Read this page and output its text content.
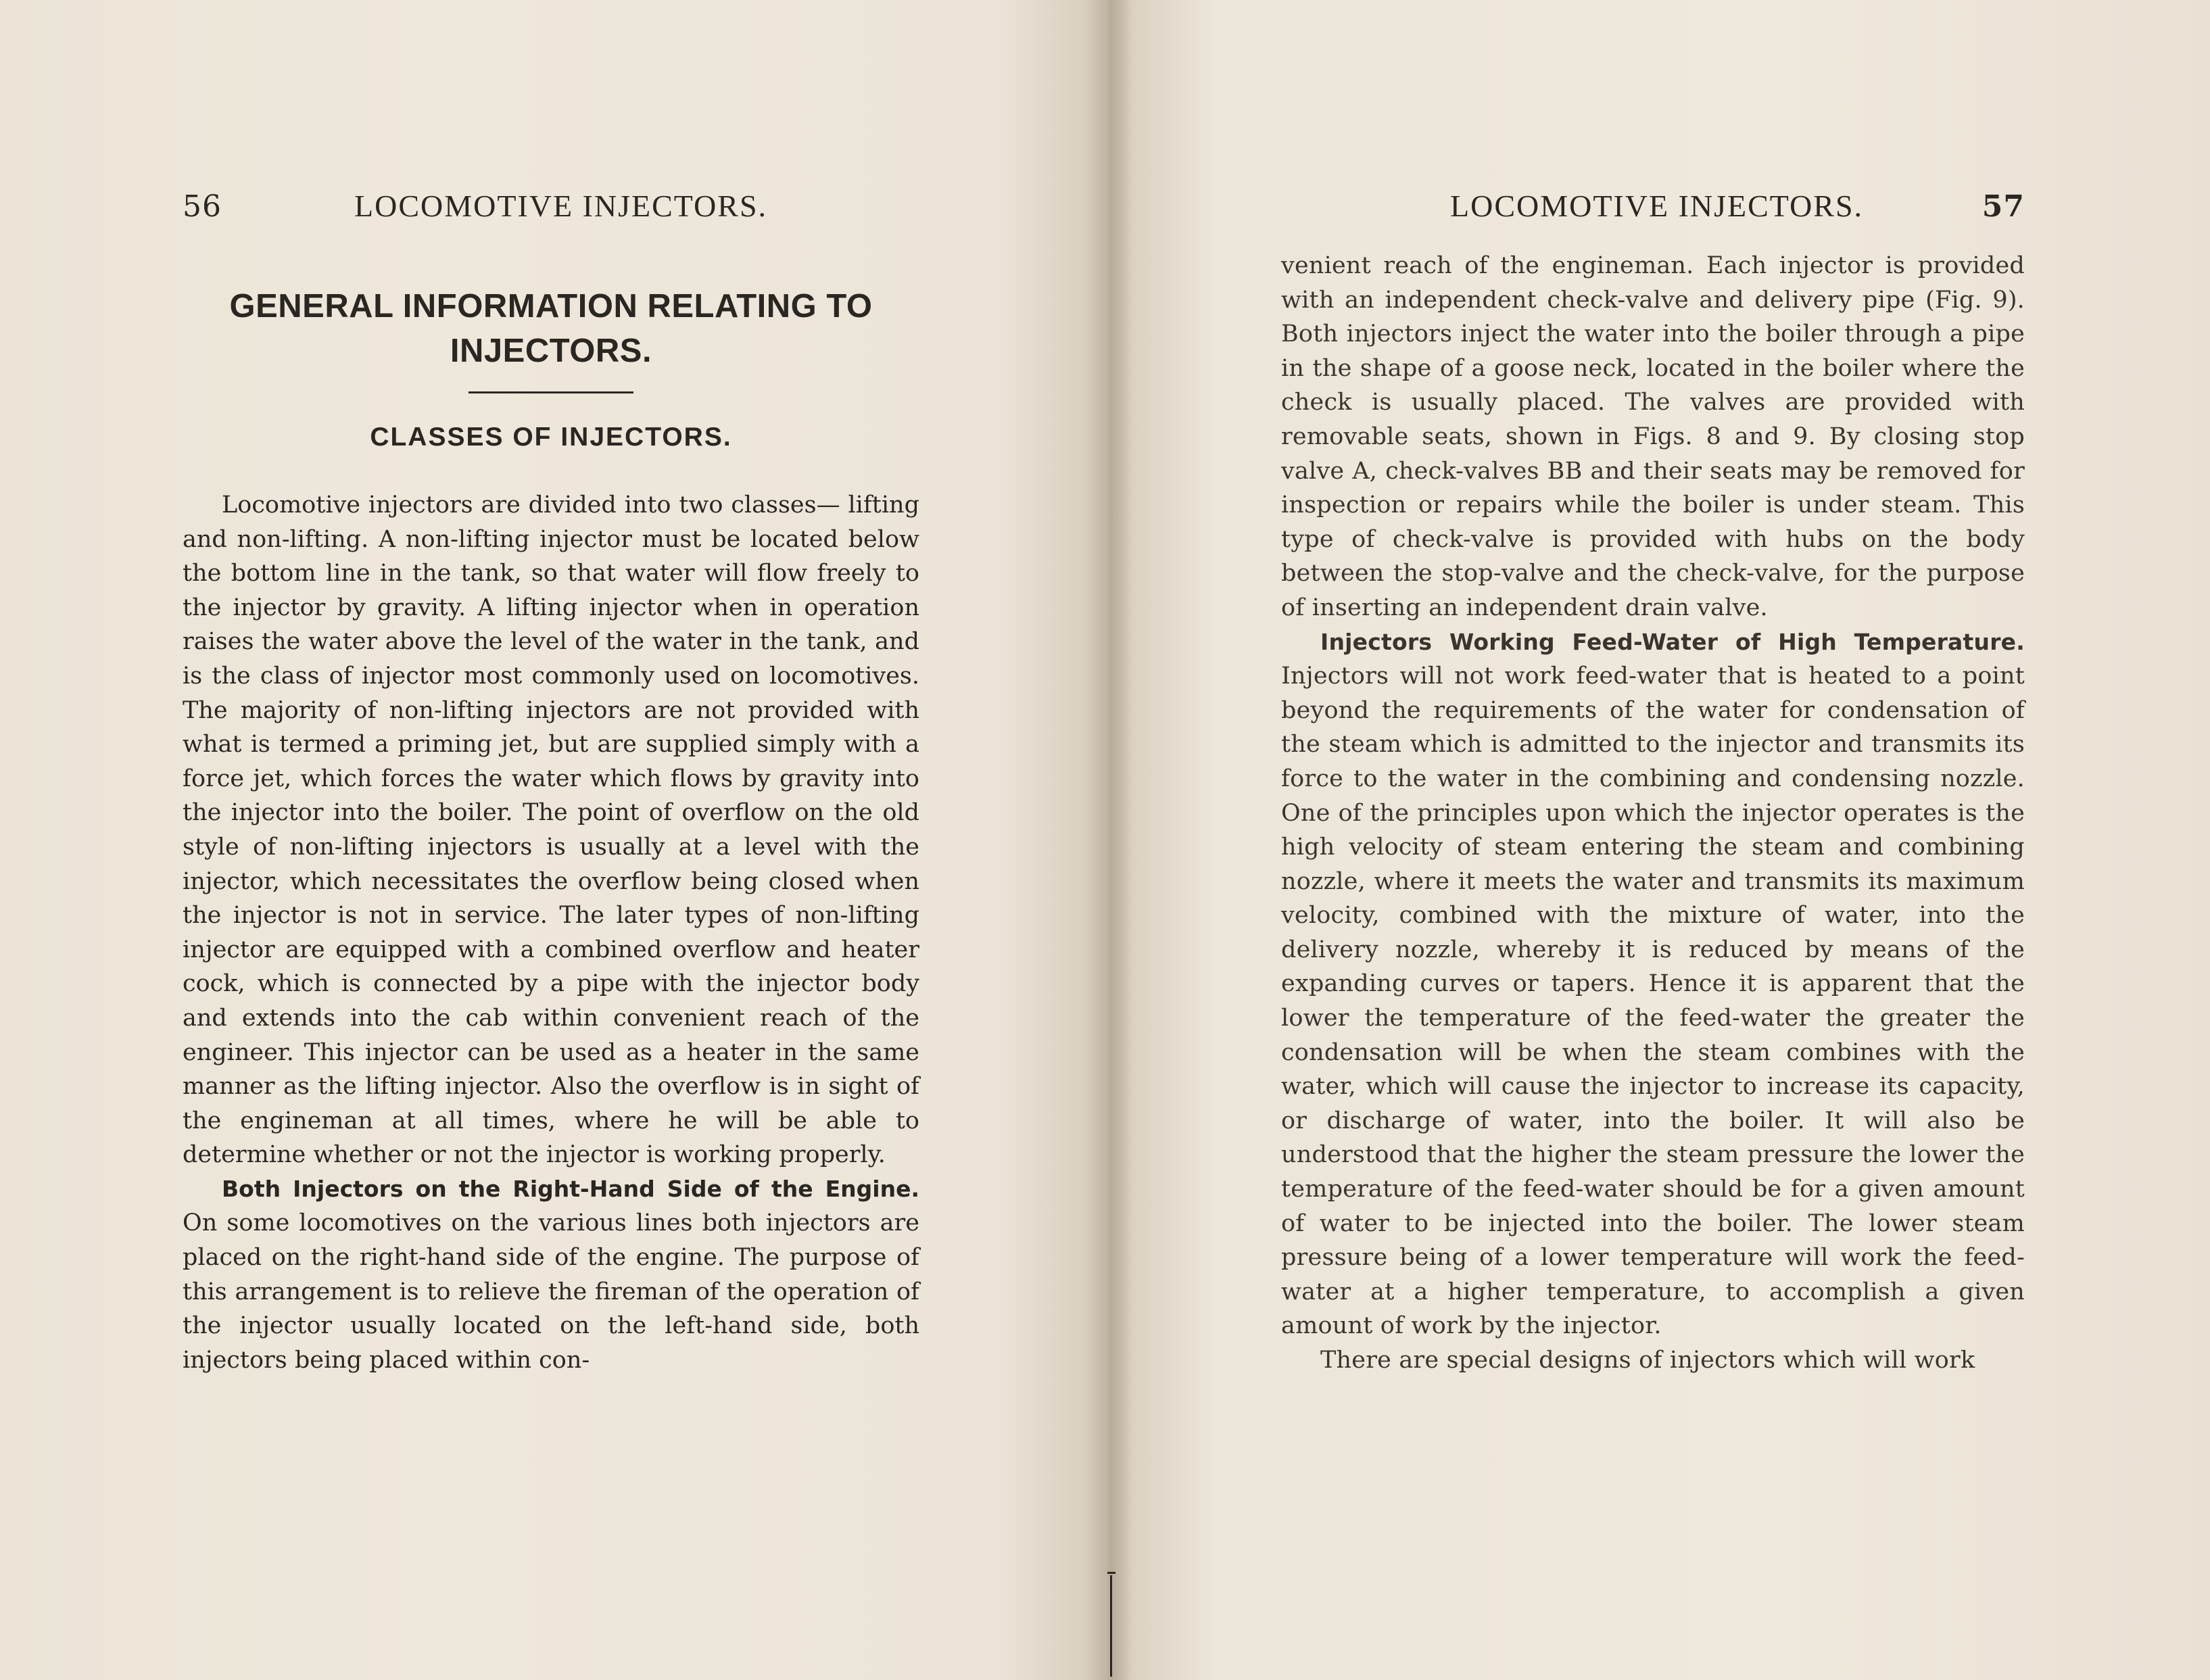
56	LOCOMOTIVE INJECTORS.
GENERAL INFORMATION RELATING TO
INJECTORS.
CLASSES OF INJECTORS.

Locomotive injectors are divided into two classes— lifting and non-lifting. A non-lifting injector must be located below the bottom line in the tank, so that water will flow freely to the injector by gravity. A lifting injector when in operation raises the water above the level of the water in the tank, and is the class of injector most commonly used on locomotives. The majority of non-lifting injectors are not provided with what is termed a priming jet, but are supplied simply with a force jet, which forces the water which flows by gravity into the injector into the boiler. The point of overflow on the old style of non-lifting injectors is usually at a level with the injector, which necessitates the overflow being closed when the injector is not in service. The later types of non-lifting injector are equipped with a combined overflow and heater cock, which is connected by a pipe with the injector body and extends into the cab within convenient reach of the engineer. This injector can be used as a heater in the same manner as the lifting injector. Also the overflow is in sight of the engineman at all times, where he will be able to determine whether or not the injector is working properly.

Both Injectors on the Right-Hand Side of the Engine. On some locomotives on the various lines both injectors are placed on the right-hand side of the engine. The purpose of this arrangement is to relieve the fireman of the operation of the injector usually located on the left-hand side, both injectors being placed within con-

LOCOMOTIVE INJECTORS.	57

venient reach of the engineman. Each injector is provided with an independent check-valve and delivery pipe (Fig. 9). Both injectors inject the water into the boiler through a pipe in the shape of a goose neck, located in the boiler where the check is usually placed. The valves are provided with removable seats, shown in Figs. 8 and 9. By closing stop valve A, check-valves BB and their seats may be removed for inspection or repairs while the boiler is under steam. This type of check-valve is provided with hubs on the body between the stop-valve and the check-valve, for the purpose of inserting an independent drain valve.

Injectors Working Feed-Water of High Temperature. Injectors will not work feed-water that is heated to a point beyond the requirements of the water for condensation of the steam which is admitted to the injector and transmits its force to the water in the combining and condensing nozzle. One of the principles upon which the injector operates is the high velocity of steam entering the steam and combining nozzle, where it meets the water and transmits its maximum velocity, combined with the mixture of water, into the delivery nozzle, whereby it is reduced by means of the expanding curves or tapers. Hence it is apparent that the lower the temperature of the feed-water the greater the condensation will be when the steam combines with the water, which will cause the injector to increase its capacity, or discharge of water, into the boiler. It will also be understood that the higher the steam pressure the lower the temperature of the feed-water should be for a given amount of water to be injected into the boiler. The lower steam pressure being of a lower temperature will work the feed-water at a higher temperature, to accomplish a given amount of work by the injector.

There are special designs of injectors which will work
